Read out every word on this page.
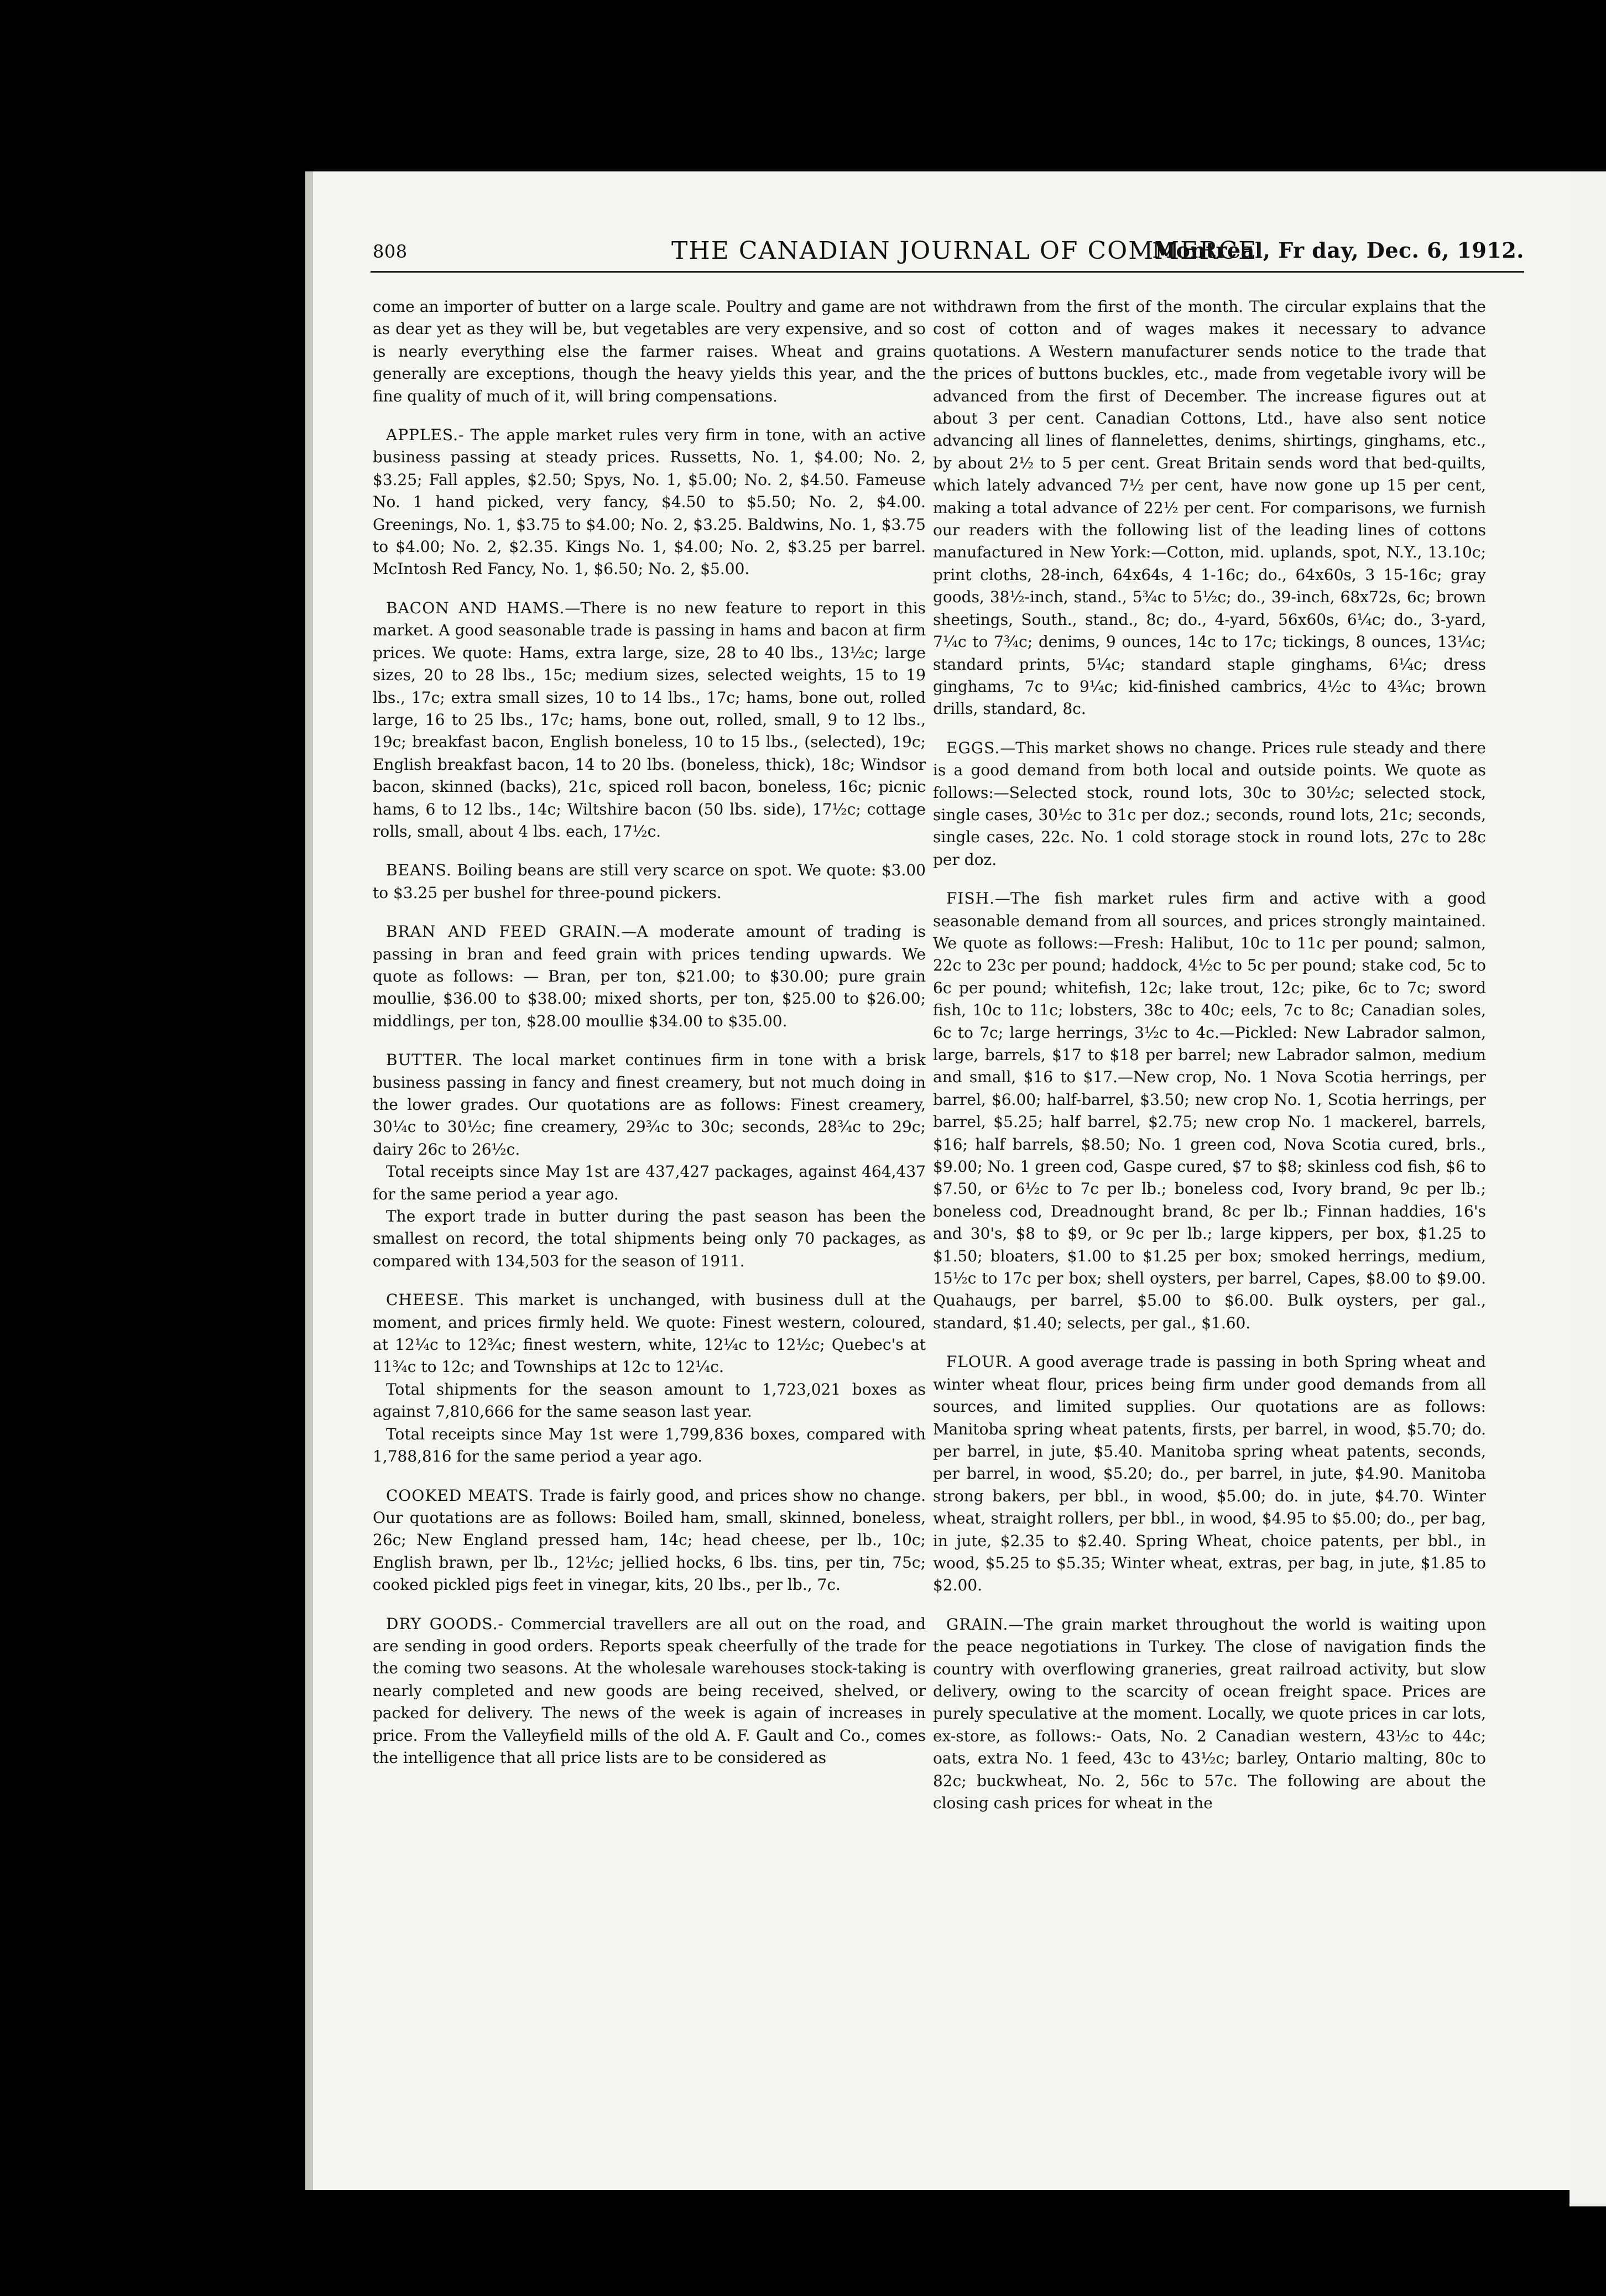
808	THE CANADIAN JOURNAL OF COMMERCE
Montreal, Fr day, Dec. 6, 1912.

come an importer of butter on a large scale. Poultry and game are not as dear yet as they will be, but vegetables are very expensive, and so is nearly everything else the farmer raises. Wheat and grains generally are exceptions, though the heavy yields this year, and the fine quality of much of it, will bring compensations.

APPLES.- The apple market rules very firm in tone, with an active business passing at steady prices. Russetts, No. 1, $4.00; No. 2, $3.25; Fall apples, $2.50; Spys, No. 1, $5.00; No. 2, $4.50. Fameuse No. 1 hand picked, very fancy, $4.50 to $5.50; No. 2, $4.00. Greenings, No. 1, $3.75 to $4.00; No. 2, $3.25. Baldwins, No. 1, $3.75 to $4.00; No. 2, $2.35. Kings No. 1, $4.00; No. 2, $3.25 per barrel. McIntosh Red Fancy, No. 1, $6.50; No. 2, $5.00.

BACON AND HAMS.—There is no new feature to report in this market. A good seasonable trade is passing in hams and bacon at firm prices. We quote: Hams, extra large, size, 28 to 40 lbs., 13½c; large sizes, 20 to 28 lbs., 15c; medium sizes, selected weights, 15 to 19 lbs., 17c; extra small sizes, 10 to 14 lbs., 17c; hams, bone out, rolled large, 16 to 25 lbs., 17c; hams, bone out, rolled, small, 9 to 12 lbs., 19c; breakfast bacon, English boneless, 10 to 15 lbs., (selected), 19c; English breakfast bacon, 14 to 20 lbs. (boneless, thick), 18c; Windsor bacon, skinned (backs), 21c, spiced roll bacon, boneless, 16c; picnic hams, 6 to 12 lbs., 14c; Wiltshire bacon (50 lbs. side), 17½c; cottage rolls, small, about 4 lbs. each, 17½c.

BEANS. Boiling beans are still very scarce on spot. We quote: $3.00 to $3.25 per bushel for three-pound pickers.

BRAN AND FEED GRAIN.—A moderate amount of trading is passing in bran and feed grain with prices tending upwards. We quote as follows: — Bran, per ton, $21.00; to $30.00; pure grain moullie, $36.00 to $38.00; mixed shorts, per ton, $25.00 to $26.00; middlings, per ton, $28.00 moullie $34.00 to $35.00.

BUTTER. The local market continues firm in tone with a brisk business passing in fancy and finest creamery, but not much doing in the lower grades. Our quotations are as follows: Finest creamery, 30¼c to 30½c; fine creamery, 29¾c to 30c; seconds, 28¾c to 29c; dairy 26c to 26½c.

Total receipts since May 1st are 437,427 packages, against 464,437 for the same period a year ago.

The export trade in butter during the past season has been the smallest on record, the total shipments being only 70 packages, as compared with 134,503 for the season of 1911.

CHEESE. This market is unchanged, with business dull at the moment, and prices firmly held. We quote: Finest western, coloured, at 12¼c to 12¾c; finest western, white, 12¼c to 12½c; Quebec's at 11¾c to 12c; and Townships at 12c to 12¼c.

Total shipments for the season amount to 1,723,021 boxes as against 7,810,666 for the same season last year.

Total receipts since May 1st were 1,799,836 boxes, compared with 1,788,816 for the same period a year ago.

COOKED MEATS. Trade is fairly good, and prices show no change. Our quotations are as follows: Boiled ham, small, skinned, boneless, 26c; New England pressed ham, 14c; head cheese, per lb., 10c; English brawn, per lb., 12½c; jellied hocks, 6 lbs. tins, per tin, 75c; cooked pickled pigs feet in vinegar, kits, 20 lbs., per lb., 7c.

DRY GOODS.- Commercial travellers are all out on the road, and are sending in good orders. Reports speak cheerfully of the trade for the coming two seasons. At the wholesale warehouses stock-taking is nearly completed and new goods are being received, shelved, or packed for delivery. The news of the week is again of increases in price. From the Valleyfield mills of the old A. F. Gault and Co., comes the intelligence that all price lists are to be considered as

withdrawn from the first of the month. The circular explains that the cost of cotton and of wages makes it necessary to advance quotations. A Western manufacturer sends notice to the trade that the prices of buttons buckles, etc., made from vegetable ivory will be advanced from the first of December. The increase figures out at about 3 per cent. Canadian Cottons, Ltd., have also sent notice advancing all lines of flannelettes, denims, shirtings, ginghams, etc., by about 2½ to 5 per cent. Great Britain sends word that bed-quilts, which lately advanced 7½ per cent, have now gone up 15 per cent, making a total advance of 22½ per cent. For comparisons, we furnish our readers with the following list of the leading lines of cottons manufactured in New York:—Cotton, mid. uplands, spot, N.Y., 13.10c; print cloths, 28-inch, 64x64s, 4 1-16c; do., 64x60s, 3 15-16c; gray goods, 38½-inch, stand., 5¾c to 5½c; do., 39-inch, 68x72s, 6c; brown sheetings, South., stand., 8c; do., 4-yard, 56x60s, 6¼c; do., 3-yard, 7¼c to 7¾c; denims, 9 ounces, 14c to 17c; tickings, 8 ounces, 13¼c; standard prints, 5¼c; standard staple ginghams, 6¼c; dress ginghams, 7c to 9¼c; kid-finished cambrics, 4½c to 4¾c; brown drills, standard, 8c.

EGGS.—This market shows no change. Prices rule steady and there is a good demand from both local and outside points. We quote as follows:—Selected stock, round lots, 30c to 30½c; selected stock, single cases, 30½c to 31c per doz.; seconds, round lots, 21c; seconds, single cases, 22c. No. 1 cold storage stock in round lots, 27c to 28c per doz.

FISH.—The fish market rules firm and active with a good seasonable demand from all sources, and prices strongly maintained. We quote as follows:—Fresh: Halibut, 10c to 11c per pound; salmon, 22c to 23c per pound; haddock, 4½c to 5c per pound; stake cod, 5c to 6c per pound; whitefish, 12c; lake trout, 12c; pike, 6c to 7c; sword fish, 10c to 11c; lobsters, 38c to 40c; eels, 7c to 8c; Canadian soles, 6c to 7c; large herrings, 3½c to 4c.—Pickled: New Labrador salmon, large, barrels, $17 to $18 per barrel; new Labrador salmon, medium and small, $16 to $17.—New crop, No. 1 Nova Scotia herrings, per barrel, $6.00; half-barrel, $3.50; new crop No. 1, Scotia herrings, per barrel, $5.25; half barrel, $2.75; new crop No. 1 mackerel, barrels, $16; half barrels, $8.50; No. 1 green cod, Nova Scotia cured, brls., $9.00; No. 1 green cod, Gaspe cured, $7 to $8; skinless cod fish, $6 to $7.50, or 6½c to 7c per lb.; boneless cod, Ivory brand, 9c per lb.; boneless cod, Dreadnought brand, 8c per lb.; Finnan haddies, 16's and 30's, $8 to $9, or 9c per lb.; large kippers, per box, $1.25 to $1.50; bloaters, $1.00 to $1.25 per box; smoked herrings, medium, 15½c to 17c per box; shell oysters, per barrel, Capes, $8.00 to $9.00. Quahaugs, per barrel, $5.00 to $6.00. Bulk oysters, per gal., standard, $1.40; selects, per gal., $1.60.

FLOUR. A good average trade is passing in both Spring wheat and winter wheat flour, prices being firm under good demands from all sources, and limited supplies. Our quotations are as follows: Manitoba spring wheat patents, firsts, per barrel, in wood, $5.70; do. per barrel, in jute, $5.40. Manitoba spring wheat patents, seconds, per barrel, in wood, $5.20; do., per barrel, in jute, $4.90. Manitoba strong bakers, per bbl., in wood, $5.00; do. in jute, $4.70. Winter wheat, straight rollers, per bbl., in wood, $4.95 to $5.00; do., per bag, in jute, $2.35 to $2.40. Spring Wheat, choice patents, per bbl., in wood, $5.25 to $5.35; Winter wheat, extras, per bag, in jute, $1.85 to $2.00.

GRAIN.—The grain market throughout the world is waiting upon the peace negotiations in Turkey. The close of navigation finds the country with overflowing graneries, great railroad activity, but slow delivery, owing to the scarcity of ocean freight space. Prices are purely speculative at the moment. Locally, we quote prices in car lots, ex-store, as follows:- Oats, No. 2 Canadian western, 43½c to 44c; oats, extra No. 1 feed, 43c to 43½c; barley, Ontario malting, 80c to 82c; buckwheat, No. 2, 56c to 57c. The following are about the closing cash prices for wheat in the
